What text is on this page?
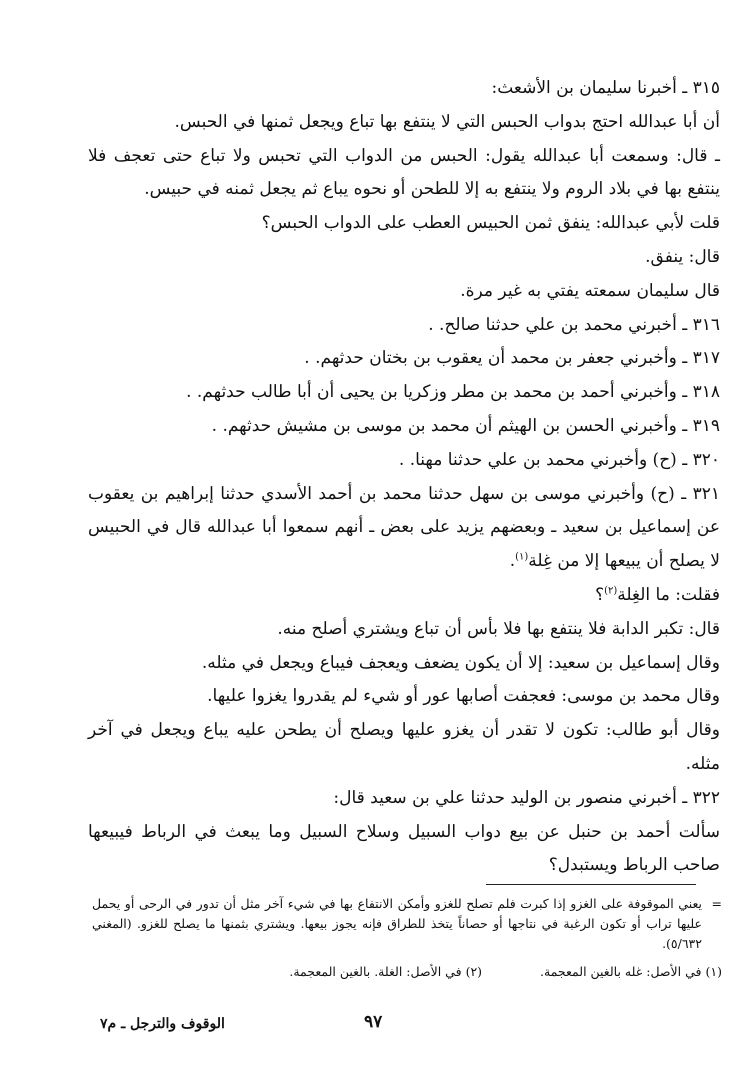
٣١٥ ـ أخبرنا سليمان بن الأشعث:

أن أبا عبدالله احتج بدواب الحبس التي لا ينتفع بها تباع ويجعل ثمنها في الحبس.

ـ قال: وسمعت أبا عبدالله يقول: الحبس من الدواب التي تحبس ولا تباع حتى تعجف فلا ينتفع بها في بلاد الروم ولا ينتفع به إلا للطحن أو نحوه يباع ثم يجعل ثمنه في حبيس.

قلت لأبي عبدالله: ينفق ثمن الحبيس العطب على الدواب الحبس؟

قال: ينفق.

قال سليمان سمعته يفتي به غير مرة.

٣١٦ ـ أخبرني محمد بن علي حدثنا صالح. .

٣١٧ ـ وأخبرني جعفر بن محمد أن يعقوب بن بختان حدثهم. .

٣١٨ ـ وأخبرني أحمد بن محمد بن مطر وزكريا بن يحيى أن أبا طالب حدثهم. .

٣١٩ ـ وأخبرني الحسن بن الهيثم أن محمد بن موسى بن مشيش حدثهم. .

٣٢٠ ـ (ح) وأخبرني محمد بن علي حدثنا مهنا. .

٣٢١ ـ (ح) وأخبرني موسى بن سهل حدثنا محمد بن أحمد الأسدي حدثنا إبراهيم بن يعقوب عن إسماعيل بن سعيد ـ وبعضهم يزيد على بعض ـ أنهم سمعوا أبا عبدالله قال في الحبيس لا يصلح أن يبيعها إلا من غِلة$^{(١)}$.

فقلت: ما الغِلة$^{(٢)}$؟

قال: تكبر الدابة فلا ينتفع بها فلا بأس أن تباع ويشتري أصلح منه.

وقال إسماعيل بن سعيد: إلا أن يكون يضعف ويعجف فيباع ويجعل في مثله.

وقال محمد بن موسى: فعجفت أصابها عور أو شيء لم يقدروا يغزوا عليها.

وقال أبو طالب: تكون لا تقدر أن يغزو عليها ويصلح أن يطحن عليه يباع ويجعل في آخر مثله.

٣٢٢ ـ أخبرني منصور بن الوليد حدثنا علي بن سعيد قال:

سألت أحمد بن حنبل عن بيع دواب السبيل وسلاح السبيل وما يبعث في الرباط فيبيعها صاحب الرباط ويستبدل؟

=
يعني الموقوفة على الغزو إذا كبرت فلم تصلح للغزو وأمكن الانتفاع بها في شيء آخر مثل أن تدور في الرحى أو يحمل عليها تراب أو تكون الرغبة في نتاجها أو حصاناً يتخذ للطراق فإنه يجوز بيعها. ويشتري بثمنها ما يصلح للغزو. (المغني ٥/٦٣٢).

(١) في الأصل: غله بالغين المعجمة.  (٢) في الأصل: الغلة. بالغين المعجمة.

٩٧
الوقوف والترجل ـ م٧
